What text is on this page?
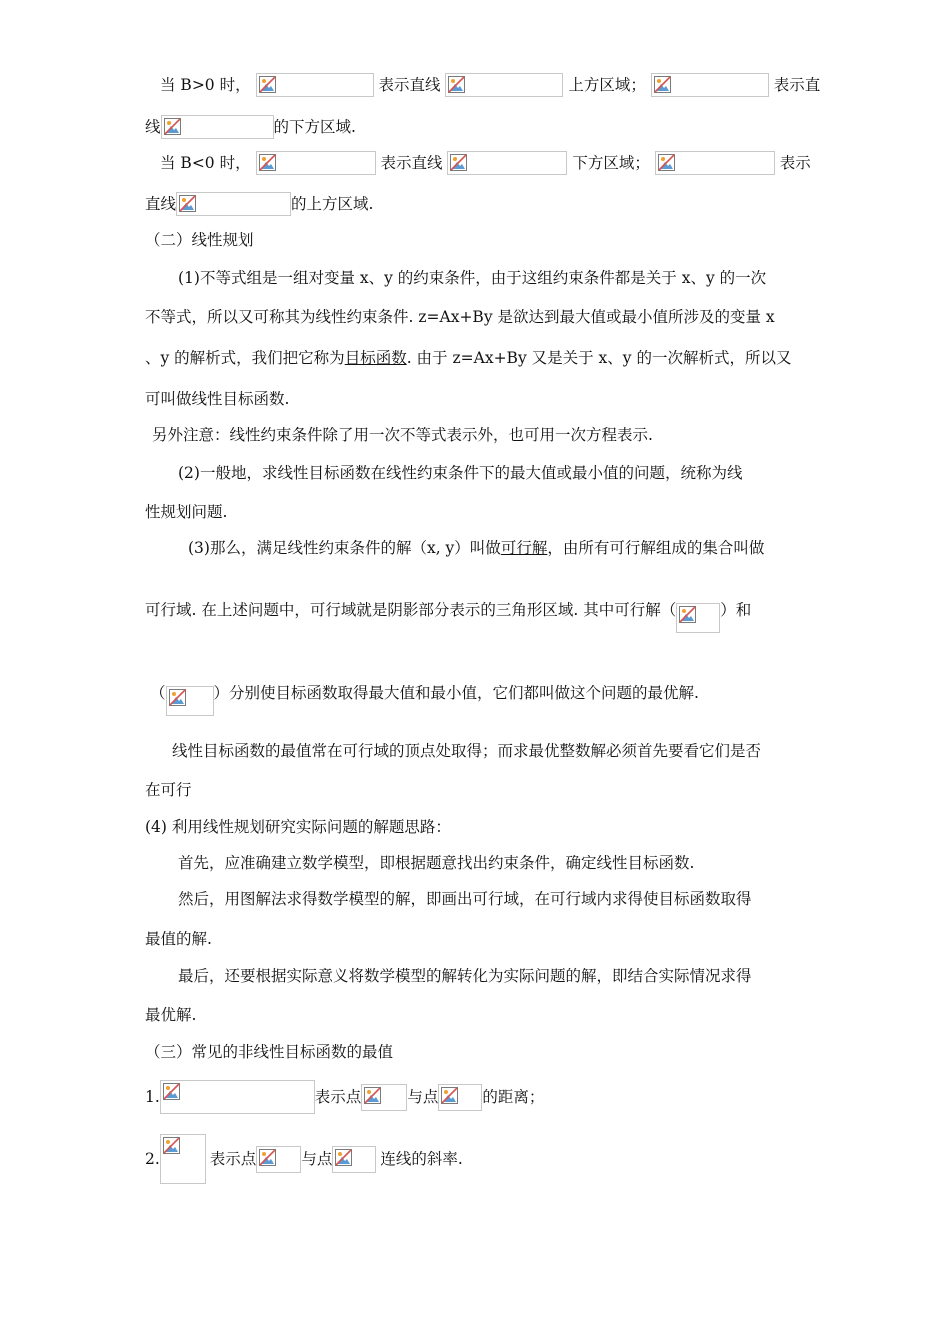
当 B>0 时，	表示直线	上方区域；	表示直
线	的下方区域.
当 B<0 时，	表示直线	下方区域；	表示
直线	的上方区域.
（二）线性规划
(1)不等式组是一组对变量 x、y 的约束条件，由于这组约束条件都是关于 x、y 的一次
不等式，所以又可称其为线性约束条件. z=Ax+By 是欲达到最大值或最小值所涉及的变量 x
、y 的解析式，我们把它称为目标函数. 由于 z=Ax+By 又是关于 x、y 的一次解析式，所以又
可叫做线性目标函数.
另外注意：线性约束条件除了用一次不等式表示外，也可用一次方程表示.
(2)一般地，求线性目标函数在线性约束条件下的最大值或最小值的问题，统称为线
性规划问题.
(3)那么，满足线性约束条件的解（x, y）叫做可行解，由所有可行解组成的集合叫做
可行域. 在上述问题中，可行域就是阴影部分表示的三角形区域. 其中可行解（	）和
（	）分别使目标函数取得最大值和最小值，它们都叫做这个问题的最优解.
线性目标函数的最值常在可行域的顶点处取得；而求最优整数解必须首先要看它们是否
在可行
(4) 利用线性规划研究实际问题的解题思路：
首先，应准确建立数学模型，即根据题意找出约束条件，确定线性目标函数.
然后，用图解法求得数学模型的解，即画出可行域，在可行域内求得使目标函数取得
最值的解.
最后，还要根据实际意义将数学模型的解转化为实际问题的解，即结合实际情况求得
最优解.
（三）常见的非线性目标函数的最值
1.	表示点	与点	的距离；
2.	表示点	与点	连线的斜率.
